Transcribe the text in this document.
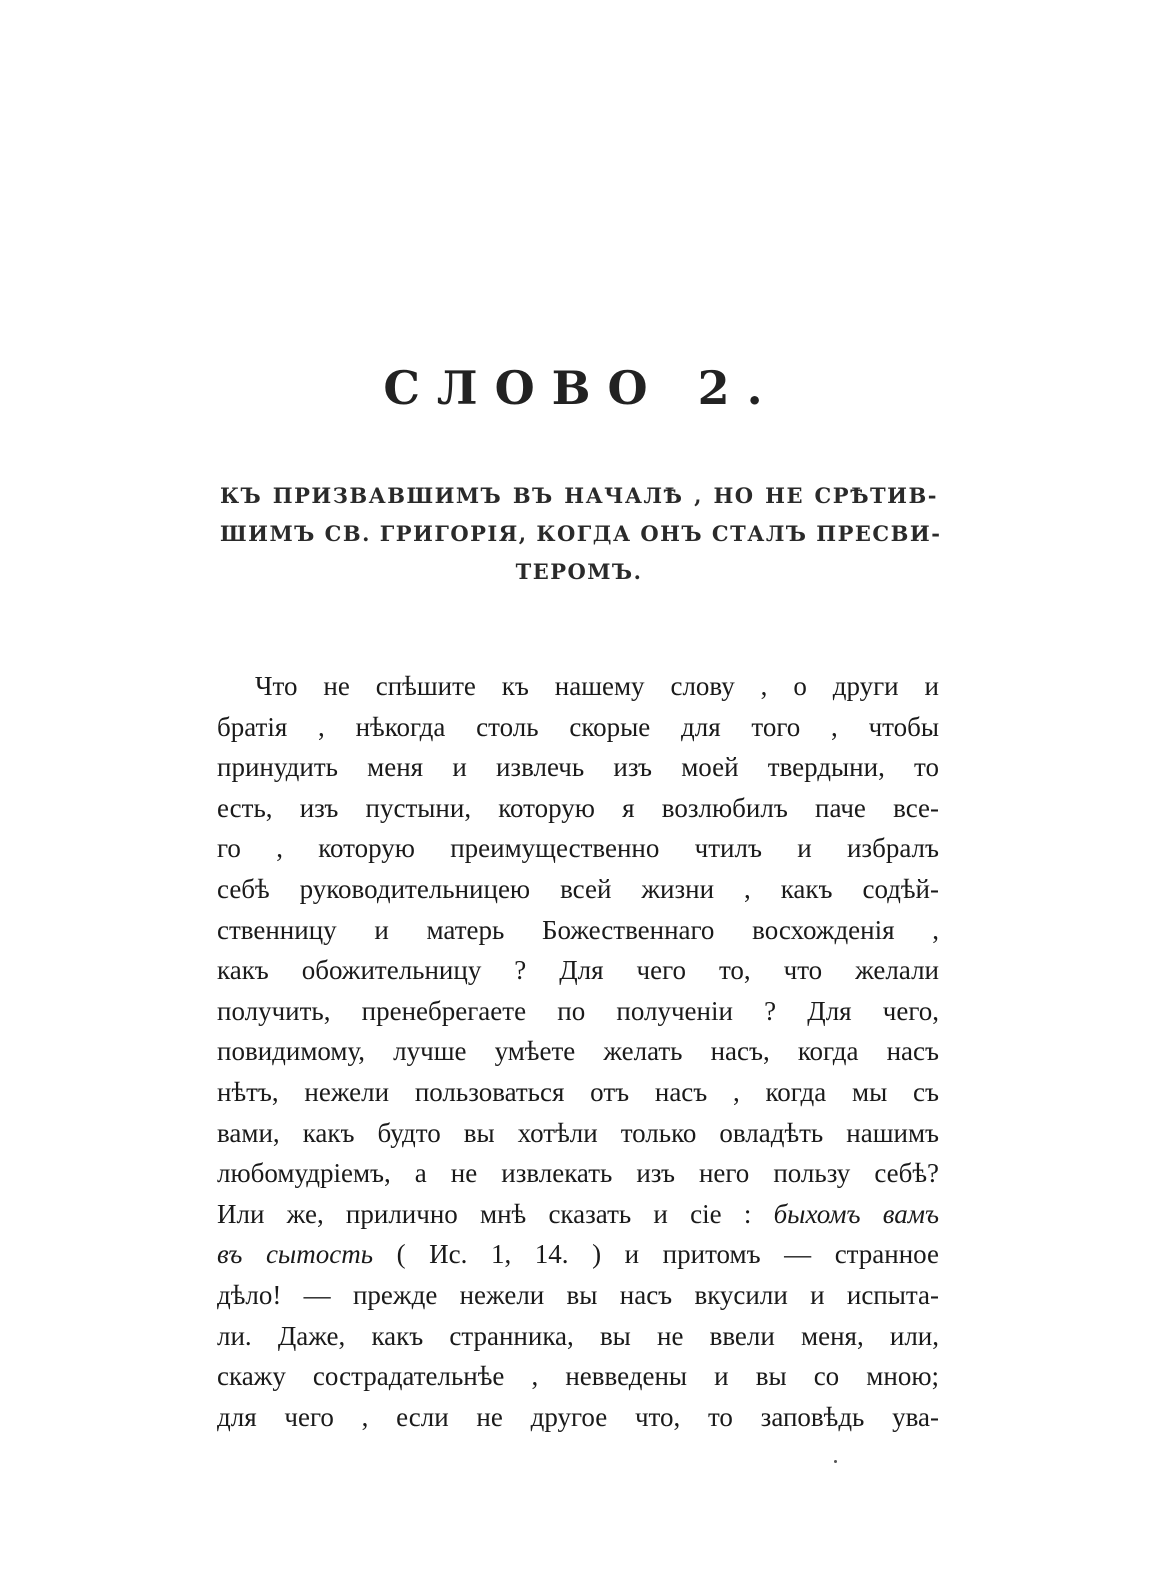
СЛОВО 2.
КЪ ПРИЗВАВШИМЪ ВЪ НАЧАЛѢ , НО НЕ СРѢТИВ-
ШИМЪ СВ. ГРИГОРІЯ, КОГДА ОНЪ СТАЛЪ ПРЕСВИ-
ТЕРОМЪ.
Что не спѣшите къ нашему слову , о други и
братія , нѣкогда столь скорые для того , чтобы
принудить меня и извлечь изъ моей твердыни, то
есть, изъ пустыни, которую я возлюбилъ паче все-
го , которую преимущественно чтилъ и избралъ
себѣ руководительницею всей жизни , какъ содѣй-
ственницу и матерь Божественнаго восхожденія ,
какъ обожительницу ? Для чего то, что желали
получить, пренебрегаете по полученіи ? Для чего,
повидимому, лучше умѣете желать насъ, когда насъ
нѣтъ, нежели пользоваться отъ насъ , когда мы съ
вами, какъ будто вы хотѣли только овладѣть нашимъ
любомудріемъ, а не извлекать изъ него пользу себѣ?
Или же, прилично мнѣ сказать и сіе : быхомъ вамъ
въ сытость ( Ис. 1, 14. ) и притомъ — странное
дѣло! — прежде нежели вы насъ вкусили и испыта-
ли. Даже, какъ странника, вы не ввели меня, или,
скажу сострадательнѣе , невведены и вы со мною;
для чего , если не другое что, то заповѣдь ува-
